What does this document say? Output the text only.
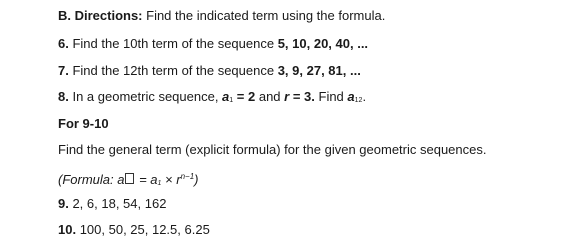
B. Directions: Find the indicated term using the formula.
6. Find the 10th term of the sequence 5, 10, 20, 40, ...
7. Find the 12th term of the sequence 3, 9, 27, 81, ...
8. In a geometric sequence, a1 = 2 and r = 3. Find a12.
For 9-10
Find the general term (explicit formula) for the given geometric sequences.
(Formula: $a = a1 \times r^{n-1}$)
9. 2, 6, 18, 54, 162
10. 100, 50, 25, 12.5, 6.25
